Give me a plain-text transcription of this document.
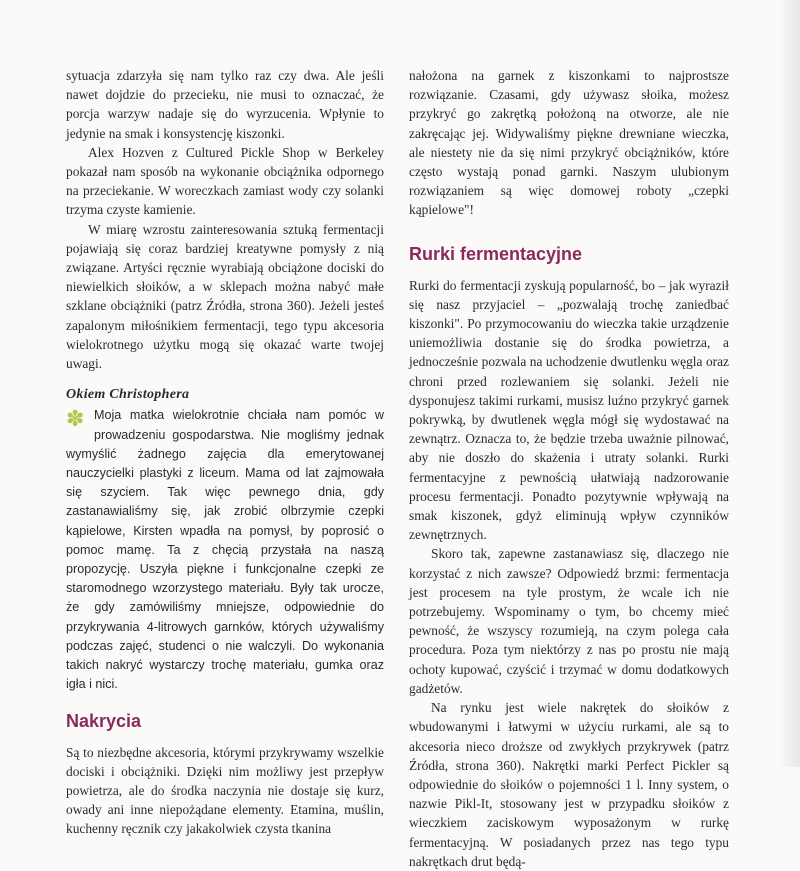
sytuacja zdarzyła się nam tylko raz czy dwa. Ale jeśli nawet dojdzie do przecieku, nie musi to oznaczać, że porcja warzyw nadaje się do wyrzucenia. Wpłynie to jedynie na smak i konsystencję kiszonki.

Alex Hozven z Cultured Pickle Shop w Berkeley pokazał nam sposób na wykonanie obciążnika odpornego na przeciekanie. W woreczkach zamiast wody czy solanki trzyma czyste kamienie.

W miarę wzrostu zainteresowania sztuką fermentacji pojawiają się coraz bardziej kreatywne pomysły z nią związane. Artyści ręcznie wyrabiają obciążone dociski do niewielkich słoików, a w sklepach można nabyć małe szklane obciążniki (patrz Źródła, strona 360). Jeżeli jesteś zapalonym miłośnikiem fermentacji, tego typu akcesoria wielokrotnego użytku mogą się okazać warte twojej uwagi.

Okiem Christophera
✽ Moja matka wielokrotnie chciała nam pomóc w prowadzeniu gospodarstwa. Nie mogliśmy jednak wymyślić żadnego zajęcia dla emerytowanej nauczycielki plastyki z liceum. Mama od lat zajmowała się szyciem. Tak więc pewnego dnia, gdy zastanawialiśmy się, jak zrobić olbrzymie czepki kąpielowe, Kirsten wpadła na pomysł, by poprosić o pomoc mamę. Ta z chęcią przystała na naszą propozycję. Uszyła piękne i funkcjonalne czepki ze staromodnego wzorzystego materiału. Były tak urocze, że gdy zamówiliśmy mniejsze, odpowiednie do przykrywania 4-litrowych garnków, których używaliśmy podczas zajęć, studenci o nie walczyli. Do wykonania takich nakryć wystarczy trochę materiału, gumka oraz igła i nici.
Nakrycia

Są to niezbędne akcesoria, którymi przykrywamy wszelkie dociski i obciążniki. Dzięki nim możliwy jest przepływ powietrza, ale do środka naczynia nie dostaje się kurz, owady ani inne niepożądane elementy. Etamina, muślin, kuchenny ręcznik czy jakakolwiek czysta tkanina

nałożona na garnek z kiszonkami to najprostsze rozwiązanie. Czasami, gdy używasz słoika, możesz przykryć go zakrętką położoną na otworze, ale nie zakręcając jej. Widywaliśmy piękne drewniane wieczka, ale niestety nie da się nimi przykryć obciążników, które często wystają ponad garnki. Naszym ulubionym rozwiązaniem są więc domowej roboty „czepki kąpielowe"!

Rurki fermentacyjne

Rurki do fermentacji zyskują popularność, bo – jak wyraził się nasz przyjaciel – „pozwalają trochę zaniedbać kiszonki". Po przymocowaniu do wieczka takie urządzenie uniemożliwia dostanie się do środka powietrza, a jednocześnie pozwala na uchodzenie dwutlenku węgla oraz chroni przed rozlewaniem się solanki. Jeżeli nie dysponujesz takimi rurkami, musisz luźno przykryć garnek pokrywką, by dwutlenek węgla mógł się wydostawać na zewnątrz. Oznacza to, że będzie trzeba uważnie pilnować, aby nie doszło do skażenia i utraty solanki. Rurki fermentacyjne z pewnością ułatwiają nadzorowanie procesu fermentacji. Ponadto pozytywnie wpływają na smak kiszonek, gdyż eliminują wpływ czynników zewnętrznych.

Skoro tak, zapewne zastanawiasz się, dlaczego nie korzystać z nich zawsze? Odpowiedź brzmi: fermentacja jest procesem na tyle prostym, że wcale ich nie potrzebujemy. Wspominamy o tym, bo chcemy mieć pewność, że wszyscy rozumieją, na czym polega cała procedura. Poza tym niektórzy z nas po prostu nie mają ochoty kupować, czyścić i trzymać w domu dodatkowych gadżetów.

Na rynku jest wiele nakrętek do słoików z wbudowanymi i łatwymi w użyciu rurkami, ale są to akcesoria nieco droższe od zwykłych przykrywek (patrz Źródła, strona 360). Nakrętki marki Perfect Pickler są odpowiednie do słoików o pojemności 1 l. Inny system, o nazwie Pikl-It, stosowany jest w przypadku słoików z wieczkiem zaciskowym wyposażonym w rurkę fermentacyjną. W posiadanych przez nas tego typu nakrętkach drut będą-
